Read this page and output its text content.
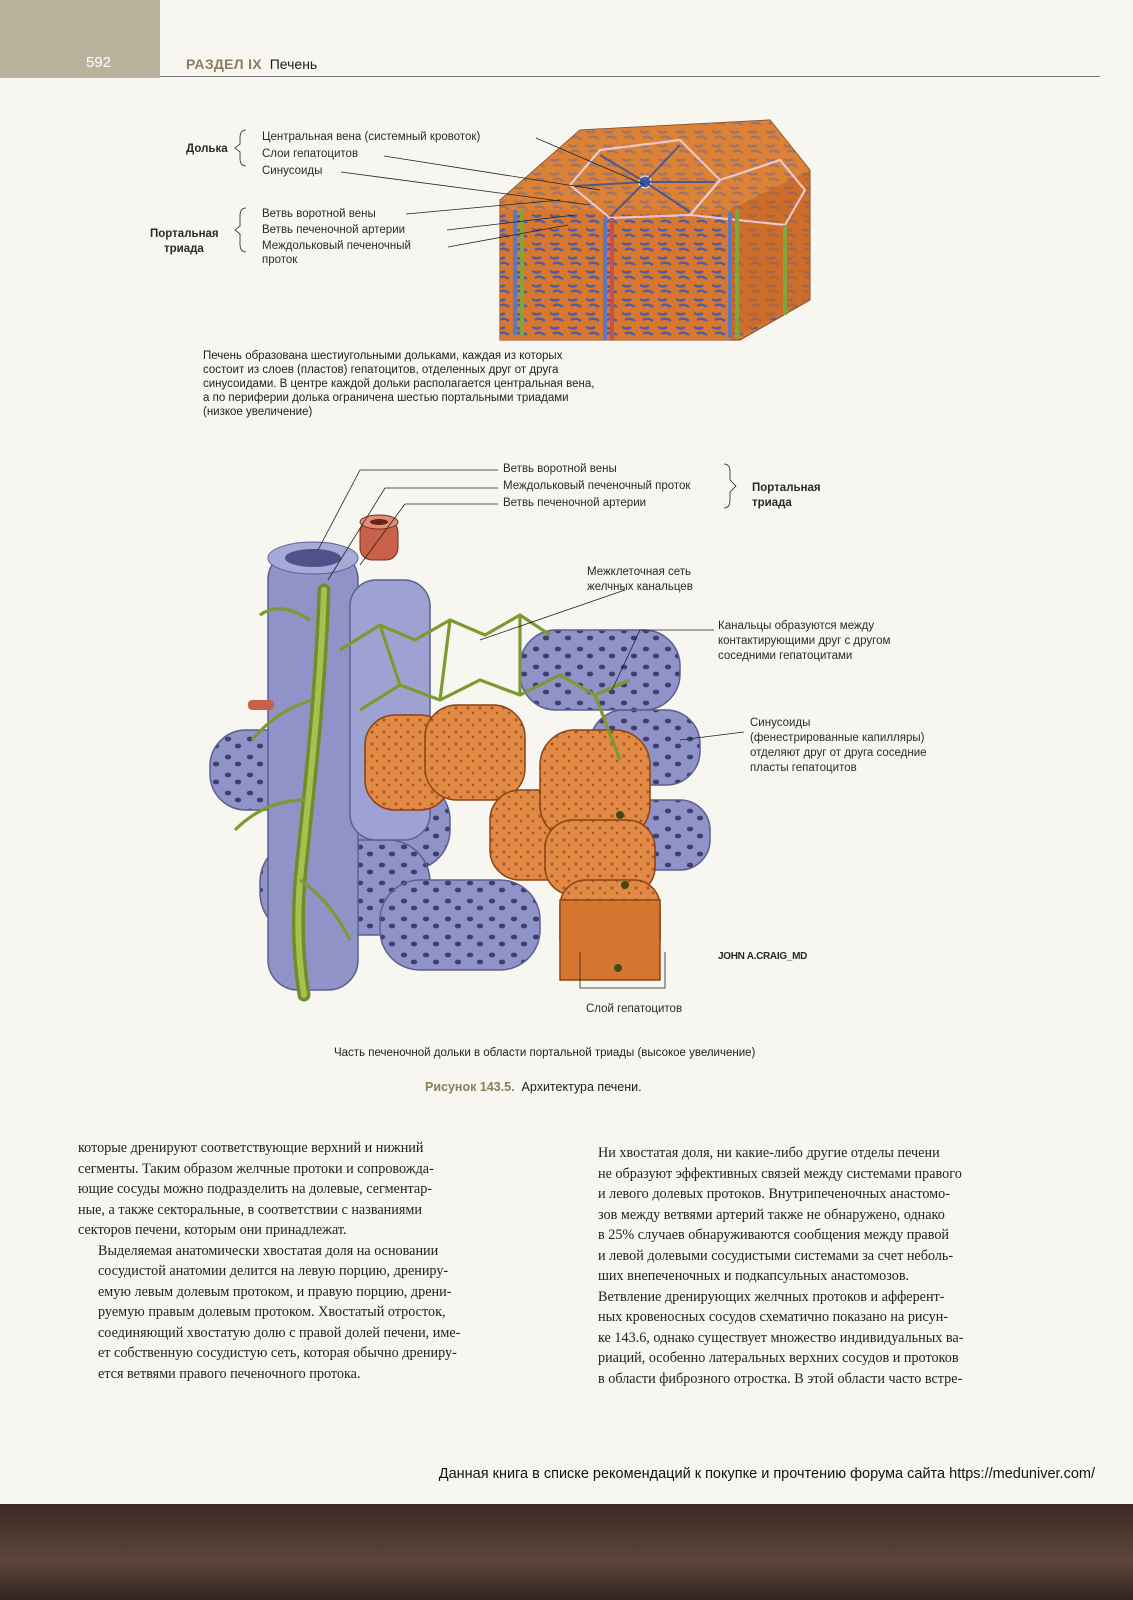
592	РАЗДЕЛ IX Печень
Долька
Центральная вена (системный кровоток)
Слои гепатоцитов
Синусоиды
Портальная
триада
Ветвь воротной вены
Ветвь печеночной артерии
Междольковый печеночный
проток
Печень образована шестиугольными дольками, каждая из которых
состоит из слоев (пластов) гепатоцитов, отделенных друг от друга
синусоидами. В центре каждой дольки располагается центральная вена,
а по периферии долька ограничена шестью портальными триадами
(низкое увеличение)
Ветвь воротной вены
Междольковый печеночный проток
Ветвь печеночной артерии
Портальная
триада
Межклеточная сеть
желчных канальцев
Канальцы образуются между
контактирующими друг с другом
соседними гепатоцитами
Синусоиды
(фенестрированные капилляры)
отделяют друг от друга соседние
пласты гепатоцитов
JOHN A.CRAIG_MD
Слой гепатоцитов
Часть печеночной дольки в области портальной триады (высокое увеличение)
Рисунок 143.5. Архитектура печени.

которые дренируют соответствующие верхний и нижний
сегменты. Таким образом желчные протоки и сопровожда-
ющие сосуды можно подразделить на долевые, сегментар-
ные, а также секторальные, в соответствии с названиями
секторов печени, которым они принадлежат.

Выделяемая анатомически хвостатая доля на основании
сосудистой анатомии делится на левую порцию, дрениру-
емую левым долевым протоком, и правую порцию, дрени-
руемую правым долевым протоком. Хвостатый отросток,
соединяющий хвостатую долю с правой долей печени, име-
ет собственную сосудистую сеть, которая обычно дрениру-
ется ветвями правого печеночного протока.

Ни хвостатая доля, ни какие-либо другие отделы печени
не образуют эффективных связей между системами правого
и левого долевых протоков. Внутрипеченочных анастомо-
зов между ветвями артерий также не обнаружено, однако
в 25% случаев обнаруживаются сообщения между правой
и левой долевыми сосудистыми системами за счет неболь-
ших внепеченочных и подкапсульных анастомозов.

Ветвление дренирующих желчных протоков и афферент-
ных кровеносных сосудов схематично показано на рисун-
ке 143.6, однако существует множество индивидуальных ва-
риаций, особенно латеральных верхних сосудов и протоков
в области фиброзного отростка. В этой области часто встре-

Данная книга в списке рекомендаций к покупке и прочтению форума сайта https://meduniver.com/
